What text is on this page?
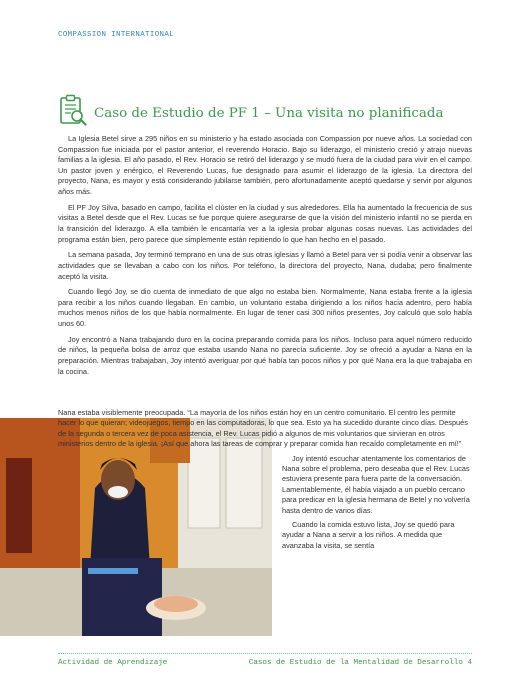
COMPASSION INTERNATIONAL
Caso de Estudio de PF 1 – Una visita no planificada

La Iglesia Betel sirve a 295 niños en su ministerio y ha estado asociada con Compassion por nueve años. La sociedad con Compassion fue iniciada por el pastor anterior, el reverendo Horacio. Bajo su liderazgo, el ministerio creció y atrajo nuevas familias a la iglesia. El año pasado, el Rev. Horacio se retiró del liderazgo y se mudó fuera de la ciudad para vivir en el campo. Un pastor joven y enérgico, el Reverendo Lucas, fue designado para asumir el liderazgo de la iglesia. La directora del proyecto, Nana, es mayor y está considerando jubilarse también, pero afortunadamente aceptó quedarse y servir por algunos años más.

El PF Joy Silva, basado en campo, facilita el clúster en la ciudad y sus alrededores. Ella ha aumentado la frecuencia de sus visitas a Betel desde que el Rev. Lucas se fue porque quiere asegurarse de que la visión del ministerio infantil no se pierda en la transición del liderazgo. A ella también le encantaría ver a la iglesia probar algunas cosas nuevas. Las actividades del programa están bien, pero parece que simplemente están repitiendo lo que han hecho en el pasado.

La semana pasada, Joy terminó temprano en una de sus otras iglesias y llamó a Betel para ver si podía venir a observar las actividades que se llevaban a cabo con los niños. Por teléfono, la directora del proyecto, Nana, dudaba; pero finalmente aceptó la visita.

Cuando llegó Joy, se dio cuenta de inmediato de que algo no estaba bien. Normalmente, Nana estaba frente a la iglesia para recibir a los niños cuando llegaban. En cambio, un voluntario estaba dirigiendo a los niños hacia adentro, pero había muchos menos niños de los que había normalmente. En lugar de tener casi 300 niños presentes, Joy calculó que solo había unos 60.

Joy encontró a Nana trabajando duro en la cocina preparando comida para los niños. Incluso para aquel número reducido de niños, la pequeña bolsa de arroz que estaba usando Nana no parecía suficiente. Joy se ofreció a ayudar a Nana en la preparación. Mientras trabajaban, Joy intentó averiguar por qué había tan pocos niños y por qué Nana era la que trabajaba en la cocina.

Nana estaba visiblemente preocupada. “La mayoría de los niños están hoy en un centro comunitario. El centro les permite hacer lo que quieran; videojuegos, tiempo en las computadoras, lo que sea. Esto ya ha sucedido durante cinco días. Después de la segunda o tercera vez de poca asistencia, el Rev. Lucas pidió a algunos de mis voluntarios que sirvieran en otros ministerios dentro de la iglesia. ¡Así que ahora las tareas de comprar y preparar comida han recaído completamente en mí!”

Joy intentó escuchar atentamente los comentarios de Nana sobre el problema, pero deseaba que el Rev. Lucas estuviera presente para fuera parte de la conversación. Lamentablemente, él había viajado a un pueblo cercano para predicar en la iglesia hermana de Betel y no volvería hasta dentro de varios días.

Cuando la comida estuvo lista, Joy se quedó para ayudar a Nana a servir a los niños. A medida que avanzaba la visita, se sentía

Actividad de Aprendizaje	Casos de Estudio de la Mentalidad de Desarrollo 4
